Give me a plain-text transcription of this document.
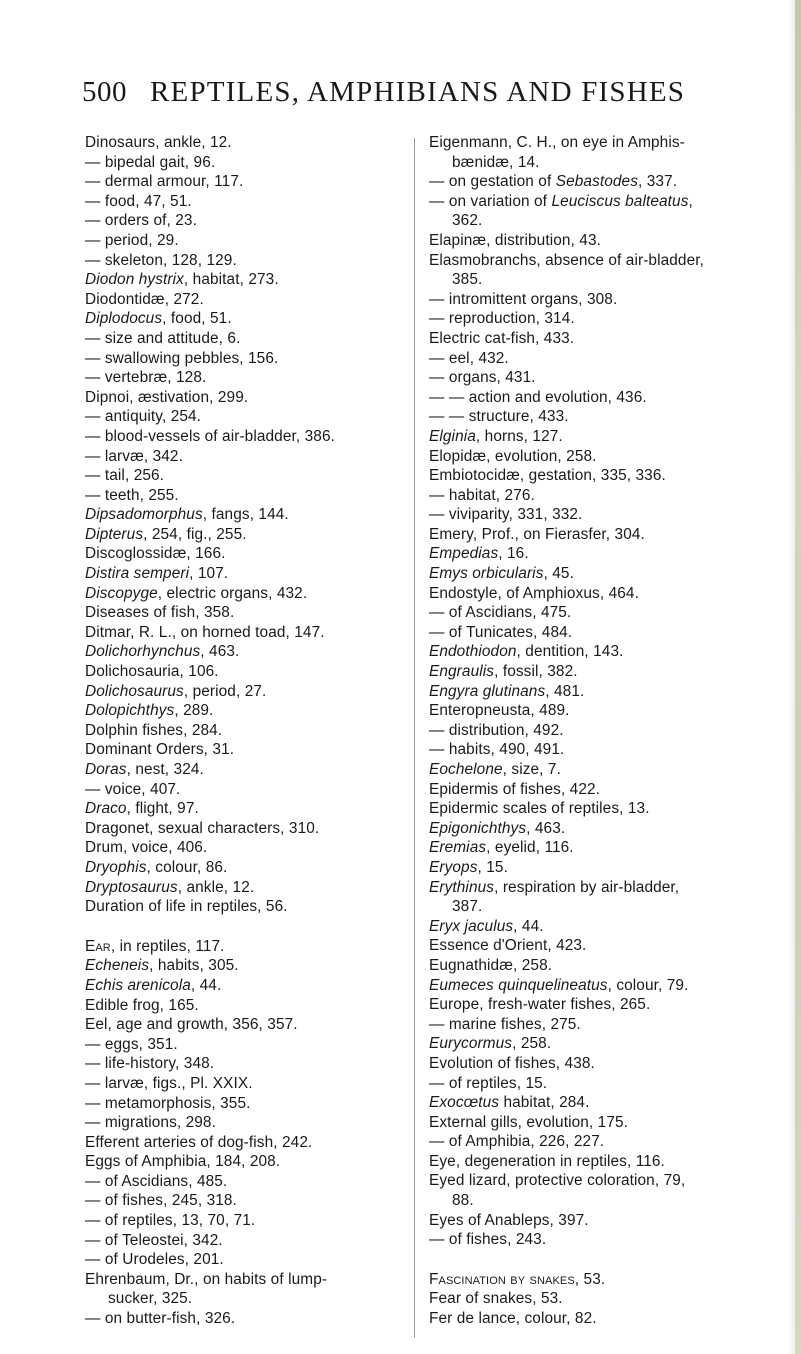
500 REPTILES, AMPHIBIANS AND FISHES
Dinosaurs, ankle, 12.
— bipedal gait, 96.
— dermal armour, 117.
— food, 47, 51.
— orders of, 23.
— period, 29.
— skeleton, 128, 129.
Diodon hystrix, habitat, 273.
Diodontidæ, 272.
Diplodocus, food, 51.
— size and attitude, 6.
— swallowing pebbles, 156.
— vertebræ, 128.
Dipnoi, æstivation, 299.
— antiquity, 254.
— blood-vessels of air-bladder, 386.
— larvæ, 342.
— tail, 256.
— teeth, 255.
Dipsadomorphus, fangs, 144.
Dipterus, 254, fig., 255.
Discoglossidæ, 166.
Distira semperi, 107.
Discopyge, electric organs, 432.
Diseases of fish, 358.
Ditmar, R. L., on horned toad, 147.
Dolichorhynchus, 463.
Dolichosauria, 106.
Dolichosaurus, period, 27.
Dolopichthys, 289.
Dolphin fishes, 284.
Dominant Orders, 31.
Doras, nest, 324.
— voice, 407.
Draco, flight, 97.
Dragonet, sexual characters, 310.
Drum, voice, 406.
Dryophis, colour, 86.
Dryptosaurus, ankle, 12.
Duration of life in reptiles, 56.
Ear, in reptiles, 117.
Echeneis, habits, 305.
Echis arenicola, 44.
Edible frog, 165.
Eel, age and growth, 356, 357.
— eggs, 351.
— life-history, 348.
— larvæ, figs., Pl. XXIX.
— metamorphosis, 355.
— migrations, 298.
Efferent arteries of dog-fish, 242.
Eggs of Amphibia, 184, 208.
— of Ascidians, 485.
— of fishes, 245, 318.
— of reptiles, 13, 70, 71.
— of Teleostei, 342.
— of Urodeles, 201.
Ehrenbaum, Dr., on habits of lump-
sucker, 325.
— on butter-fish, 326.
Eigenmann, C. H., on eye in Amphis-
bænidæ, 14.
— on gestation of Sebastodes, 337.
— on variation of Leuciscus balteatus,
362.
Elapinæ, distribution, 43.
Elasmobranchs, absence of air-bladder,
385.
— intromittent organs, 308.
— reproduction, 314.
Electric cat-fish, 433.
— eel, 432.
— organs, 431.
— — action and evolution, 436.
— — structure, 433.
Elginia, horns, 127.
Elopidæ, evolution, 258.
Embiotocidæ, gestation, 335, 336.
— habitat, 276.
— viviparity, 331, 332.
Emery, Prof., on Fierasfer, 304.
Empedias, 16.
Emys orbicularis, 45.
Endostyle, of Amphioxus, 464.
— of Ascidians, 475.
— of Tunicates, 484.
Endothiodon, dentition, 143.
Engraulis, fossil, 382.
Engyra glutinans, 481.
Enteropneusta, 489.
— distribution, 492.
— habits, 490, 491.
Eochelone, size, 7.
Epidermis of fishes, 422.
Epidermic scales of reptiles, 13.
Epigonichthys, 463.
Eremias, eyelid, 116.
Eryops, 15.
Erythinus, respiration by air-bladder,
387.
Eryx jaculus, 44.
Essence d'Orient, 423.
Eugnathidæ, 258.
Eumeces quinquelineatus, colour, 79.
Europe, fresh-water fishes, 265.
— marine fishes, 275.
Eurycormus, 258.
Evolution of fishes, 438.
— of reptiles, 15.
Exocœtus habitat, 284.
External gills, evolution, 175.
— of Amphibia, 226, 227.
Eye, degeneration in reptiles, 116.
Eyed lizard, protective coloration, 79,
88.
Eyes of Anableps, 397.
— of fishes, 243.
Fascination by snakes, 53.
Fear of snakes, 53.
Fer de lance, colour, 82.
